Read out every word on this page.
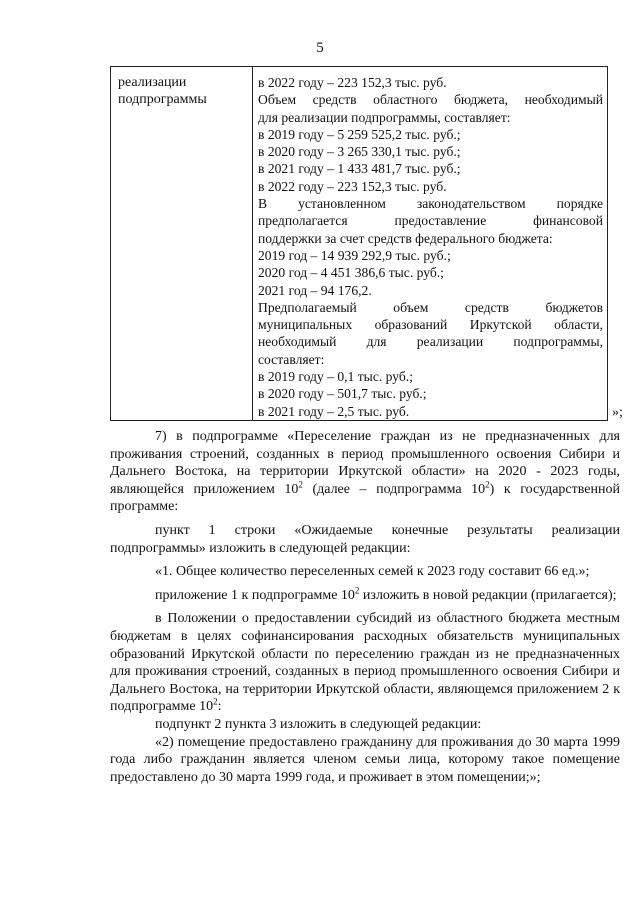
5
реализации
подпрограммы
в 2022 году – 223 152,3 тыс. руб.
Объем средств областного бюджета, необходимый
для реализации подпрограммы, составляет:
в 2019 году – 5 259 525,2 тыс. руб.;
в 2020 году – 3 265 330,1 тыс. руб.;
в 2021 году – 1 433 481,7 тыс. руб.;
в 2022 году – 223 152,3 тыс. руб.
В установленном законодательством порядке
предполагается предоставление финансовой
поддержки за счет средств федерального бюджета:
2019 год – 14 939 292,9 тыс. руб.;
2020 год – 4 451 386,6 тыс. руб.;
2021 год – 94 176,2.
Предполагаемый объем средств бюджетов
муниципальных образований Иркутской области,
необходимый для реализации подпрограммы,
составляет:
в 2019 году – 0,1 тыс. руб.;
в 2020 году – 501,7 тыс. руб.;
в 2021 году – 2,5 тыс. руб.	»;

7) в подпрограмме «Переселение граждан из не предназначенных для проживания строений, созданных в период промышленного освоения Сибири и Дальнего Востока, на территории Иркутской области» на 2020 - 2023 годы, являющейся приложением $10^2$ (далее – подпрограмма $10^2$) к государственной программе:

пункт 1 строки «Ожидаемые конечные результаты реализации подпрограммы» изложить в следующей редакции:

«1. Общее количество переселенных семей к 2023 году составит 66 ед.»;

приложение 1 к подпрограмме $10^2$ изложить в новой редакции (прилагается);

в Положении о предоставлении субсидий из областного бюджета местным бюджетам в целях софинансирования расходных обязательств муниципальных образований Иркутской области по переселению граждан из не предназначенных для проживания строений, созданных в период промышленного освоения Сибири и Дальнего Востока, на территории Иркутской области, являющемся приложением 2 к подпрограмме $10^2$:

подпункт 2 пункта 3 изложить в следующей редакции:

«2) помещение предоставлено гражданину для проживания до 30 марта 1999 года либо гражданин является членом семьи лица, которому такое помещение предоставлено до 30 марта 1999 года, и проживает в этом помещении;»;
